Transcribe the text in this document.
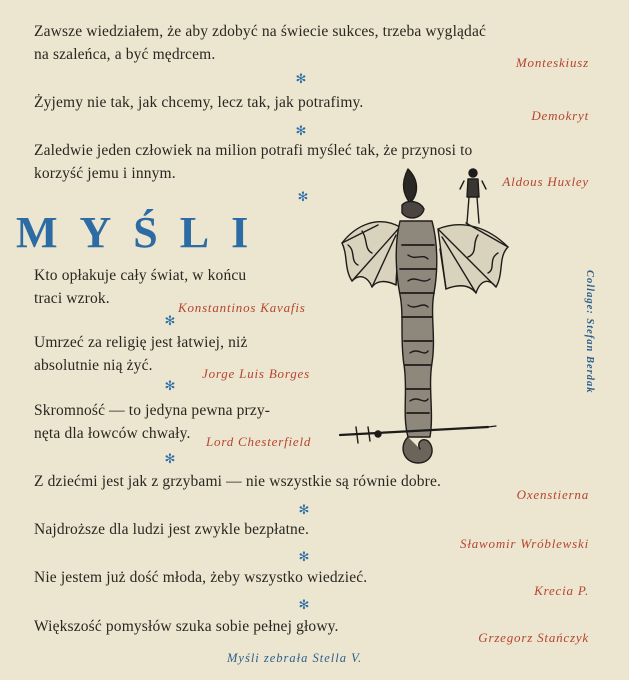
Zawsze wiedziałem, że aby zdobyć na świecie sukces, trzeba wyglądać
na szaleńca, a być mędrcem.	Monteskiusz
✻
Żyjemy nie tak, jak chcemy, lecz tak, jak potrafimy.
Demokryt
✻
Zaledwie jeden człowiek na milion potrafi myśleć tak, że przynosi to
korzyść jemu i innym.	Aldous Huxley
✻
MYŚLI
Kto opłakuje cały świat, w końcu
traci wzrok.
Konstantinos Kavafis
✻
Umrzeć za religię jest łatwiej, niż
absolutnie nią żyć.	Jorge Luis Borges
✻
Skromność — to jedyna pewna przy-
nęta dla łowców chwały.	Lord Chesterfield
✻
Z dziećmi jest jak z grzybami — nie wszystkie są równie dobre.
Oxenstierna
✻
Najdroższe dla ludzi jest zwykle bezpłatne.
Sławomir Wróblewski
✻
Nie jestem już dość młoda, żeby wszystko wiedzieć.
Krecia P.
✻
Większość pomysłów szuka sobie pełnej głowy.
Grzegorz Stańczyk
Myśli zebrała Stella V.
Collage: Stefan Berdak
